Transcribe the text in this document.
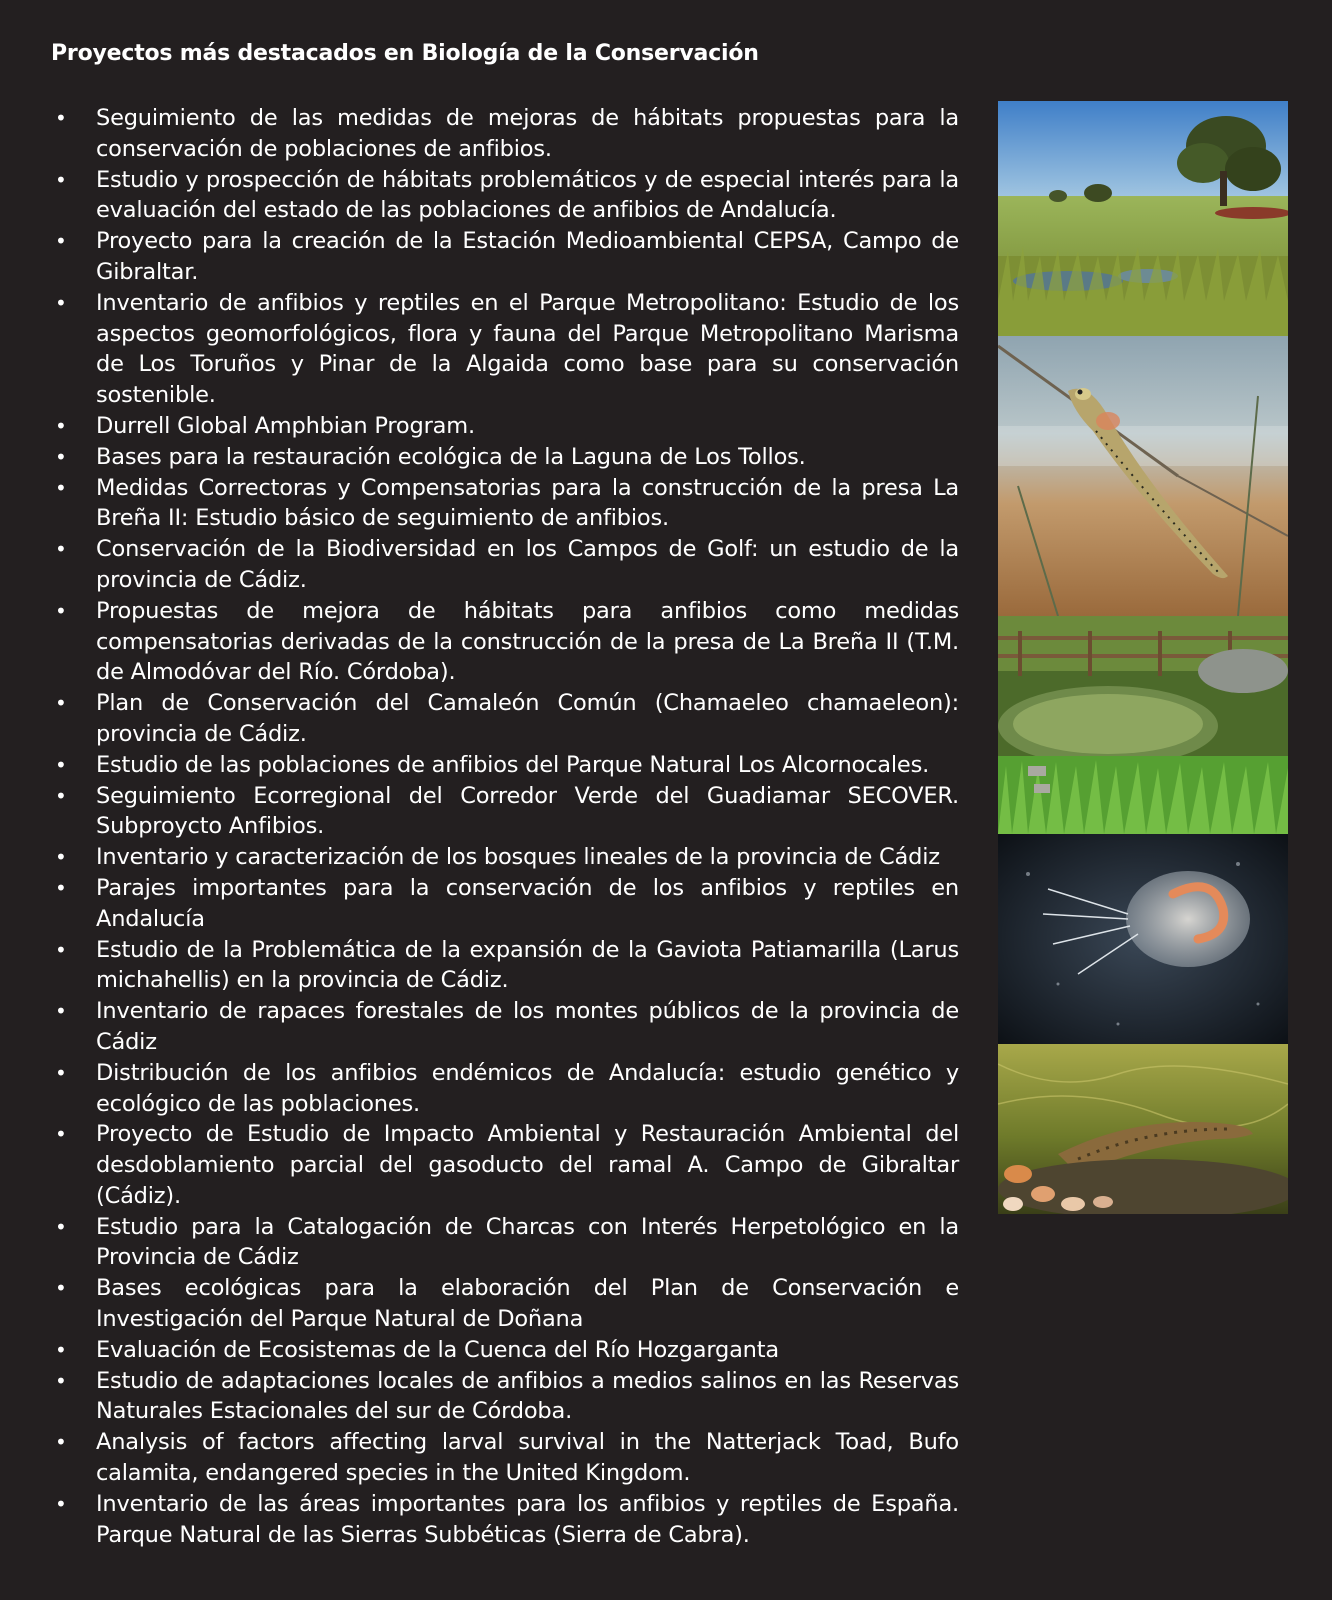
Proyectos más destacados en Biología de la Conservación
• Seguimiento de las medidas de mejoras de hábitats propuestas para la conservación de poblaciones de anfibios.
• Estudio y prospección de hábitats problemáticos y de especial interés para la evaluación del estado de las poblaciones de anfibios de Andalucía.
• Proyecto para la creación de la Estación Medioambiental CEPSA, Campo de Gibraltar.
• Inventario de anfibios y reptiles en el Parque Metropolitano: Estudio de los aspectos geomorfológicos, flora y fauna del Parque Metropolitano Marisma de Los Toruños y Pinar de la Algaida como base para su conservación sostenible.
• Durrell Global Amphbian Program.
• Bases para la restauración ecológica de la Laguna de Los Tollos.
• Medidas Correctoras y Compensatorias para la construcción de la presa La Breña II: Estudio básico de seguimiento de anfibios.
• Conservación de la Biodiversidad en los Campos de Golf: un estudio de la provincia de Cádiz.
• Propuestas de mejora de hábitats para anfibios como medidas compensatorias derivadas de la construcción de la presa de La Breña II (T.M. de Almodóvar del Río. Córdoba).
• Plan de Conservación del Camaleón Común (Chamaeleo chamaeleon): provincia de Cádiz.
• Estudio de las poblaciones de anfibios del Parque Natural Los Alcornocales.
• Seguimiento Ecorregional del Corredor Verde del Guadiamar SECOVER. Subproycto Anfibios.
• Inventario y caracterización de los bosques lineales de la provincia de Cádiz
• Parajes importantes para la conservación de los anfibios y reptiles en Andalucía
• Estudio de la Problemática de la expansión de la Gaviota Patiamarilla (Larus michahellis) en la provincia de Cádiz.
• Inventario de rapaces forestales de los montes públicos de la provincia de Cádiz
• Distribución de los anfibios endémicos de Andalucía: estudio genético y ecológico de las poblaciones.
• Proyecto de Estudio de Impacto Ambiental y Restauración Ambiental del desdoblamiento parcial del gasoducto del ramal A. Campo de Gibraltar (Cádiz).
• Estudio para la Catalogación de Charcas con Interés Herpetológico en la Provincia de Cádiz
• Bases ecológicas para la elaboración del Plan de Conservación e Investigación del Parque Natural de Doñana
• Evaluación de Ecosistemas de la Cuenca del Río Hozgarganta
• Estudio de adaptaciones locales de anfibios a medios salinos en las Reservas Naturales Estacionales del sur de Córdoba.
• Analysis of factors affecting larval survival in the Natterjack Toad, Bufo calamita, endangered species in the United Kingdom.
• Inventario de las áreas importantes para los anfibios y reptiles de España. Parque Natural de las Sierras Subbéticas (Sierra de Cabra).
